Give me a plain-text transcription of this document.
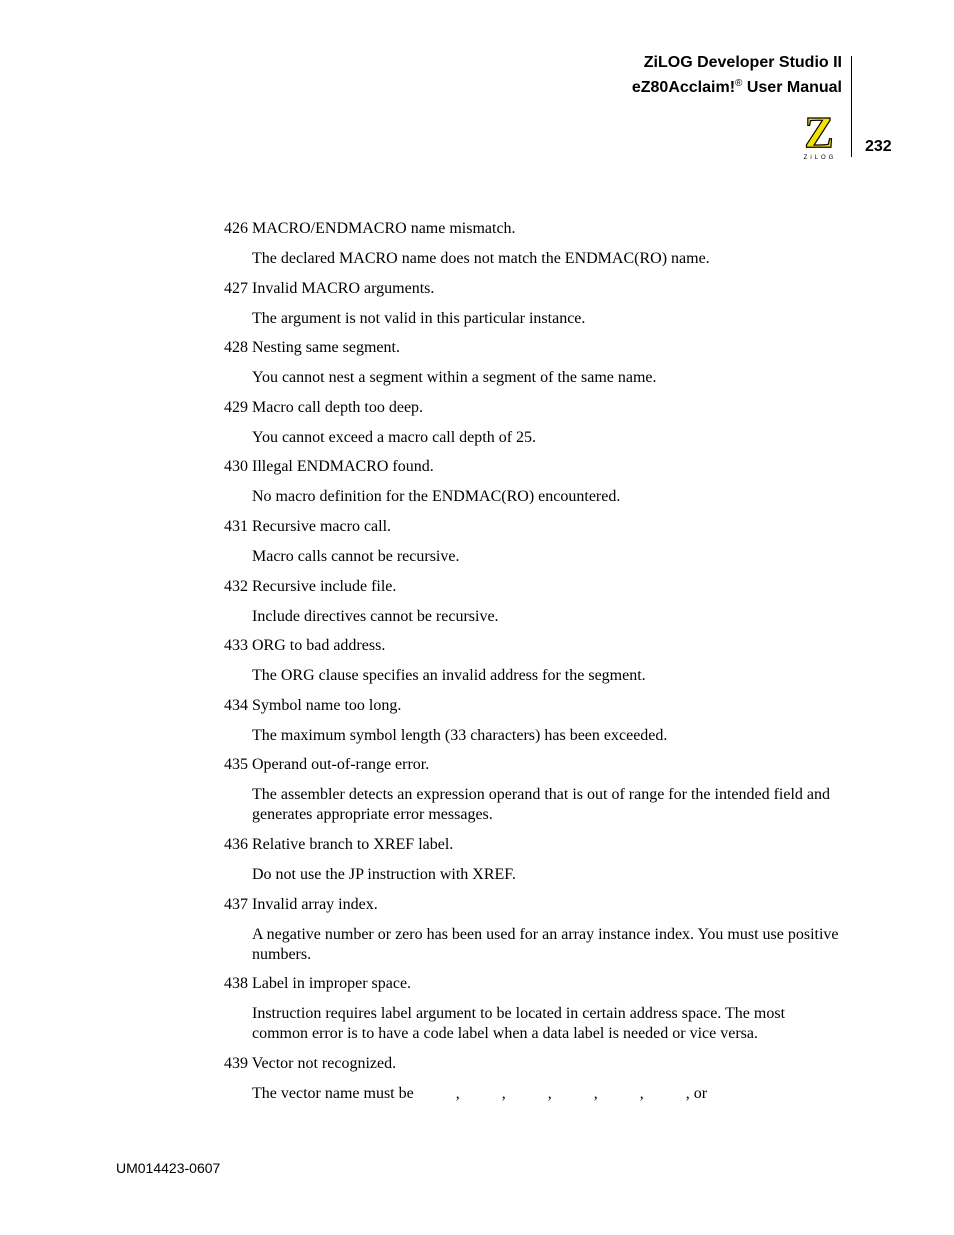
ZiLOG Developer Studio II
eZ80Acclaim!® User Manual
Z
ZiLOG
232

426 MACRO/ENDMACRO name mismatch.

The declared MACRO name does not match the ENDMAC(RO) name.

427 Invalid MACRO arguments.

The argument is not valid in this particular instance.

428 Nesting same segment.

You cannot nest a segment within a segment of the same name.

429 Macro call depth too deep.

You cannot exceed a macro call depth of 25.

430 Illegal ENDMACRO found.

No macro definition for the ENDMAC(RO) encountered.

431 Recursive macro call.

Macro calls cannot be recursive.

432 Recursive include file.

Include directives cannot be recursive.

433 ORG to bad address.

The ORG clause specifies an invalid address for the segment.

434 Symbol name too long.

The maximum symbol length (33 characters) has been exceeded.

435 Operand out-of-range error.

The assembler detects an expression operand that is out of range for the intended field and generates appropriate error messages.

436 Relative branch to XREF label.

Do not use the JP instruction with XREF.

437 Invalid array index.

A negative number or zero has been used for an array instance index. You must use positive numbers.

438 Label in improper space.

Instruction requires label argument to be located in certain address space. The most common error is to have a code label when a data label is needed or vice versa.

439 Vector not recognized.

The vector name must be	,	,	,	,	,	, or

UM014423-0607
